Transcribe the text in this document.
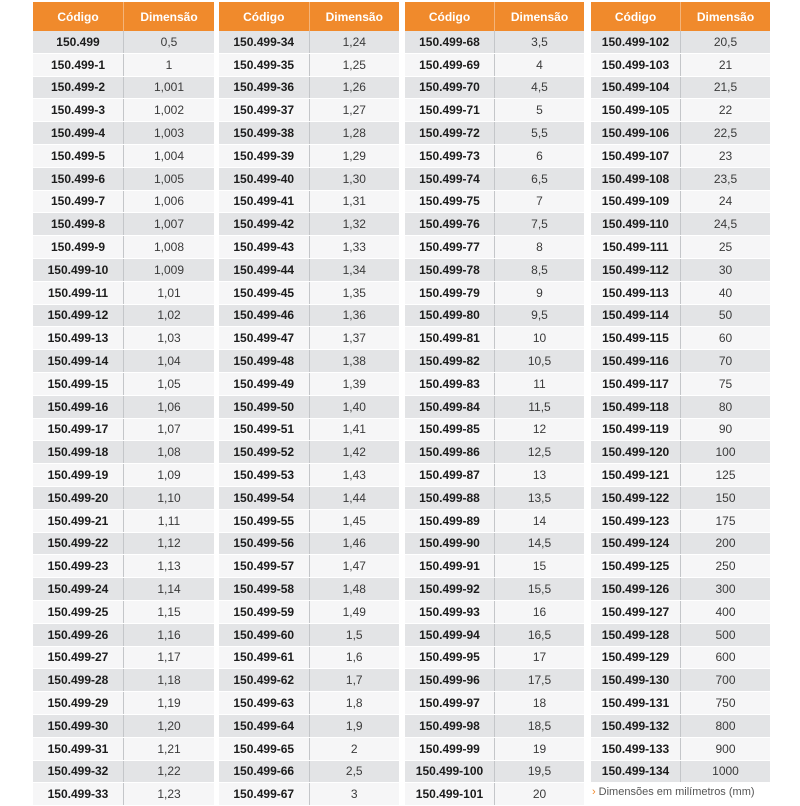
Código	Dimensão
150.499	0,5
150.499-1	1
150.499-2	1,001
150.499-3	1,002
150.499-4	1,003
150.499-5	1,004
150.499-6	1,005
150.499-7	1,006
150.499-8	1,007
150.499-9	1,008
150.499-10	1,009
150.499-11	1,01
150.499-12	1,02
150.499-13	1,03
150.499-14	1,04
150.499-15	1,05
150.499-16	1,06
150.499-17	1,07
150.499-18	1,08
150.499-19	1,09
150.499-20	1,10
150.499-21	1,11
150.499-22	1,12
150.499-23	1,13
150.499-24	1,14
150.499-25	1,15
150.499-26	1,16
150.499-27	1,17
150.499-28	1,18
150.499-29	1,19
150.499-30	1,20
150.499-31	1,21
150.499-32	1,22
150.499-33	1,23
Código	Dimensão
150.499-34	1,24
150.499-35	1,25
150.499-36	1,26
150.499-37	1,27
150.499-38	1,28
150.499-39	1,29
150.499-40	1,30
150.499-41	1,31
150.499-42	1,32
150.499-43	1,33
150.499-44	1,34
150.499-45	1,35
150.499-46	1,36
150.499-47	1,37
150.499-48	1,38
150.499-49	1,39
150.499-50	1,40
150.499-51	1,41
150.499-52	1,42
150.499-53	1,43
150.499-54	1,44
150.499-55	1,45
150.499-56	1,46
150.499-57	1,47
150.499-58	1,48
150.499-59	1,49
150.499-60	1,5
150.499-61	1,6
150.499-62	1,7
150.499-63	1,8
150.499-64	1,9
150.499-65	2
150.499-66	2,5
150.499-67	3
Código	Dimensão
150.499-68	3,5
150.499-69	4
150.499-70	4,5
150.499-71	5
150.499-72	5,5
150.499-73	6
150.499-74	6,5
150.499-75	7
150.499-76	7,5
150.499-77	8
150.499-78	8,5
150.499-79	9
150.499-80	9,5
150.499-81	10
150.499-82	10,5
150.499-83	11
150.499-84	11,5
150.499-85	12
150.499-86	12,5
150.499-87	13
150.499-88	13,5
150.499-89	14
150.499-90	14,5
150.499-91	15
150.499-92	15,5
150.499-93	16
150.499-94	16,5
150.499-95	17
150.499-96	17,5
150.499-97	18
150.499-98	18,5
150.499-99	19
150.499-100	19,5
150.499-101	20
Código	Dimensão
150.499-102	20,5
150.499-103	21
150.499-104	21,5
150.499-105	22
150.499-106	22,5
150.499-107	23
150.499-108	23,5
150.499-109	24
150.499-110	24,5
150.499-111	25
150.499-112	30
150.499-113	40
150.499-114	50
150.499-115	60
150.499-116	70
150.499-117	75
150.499-118	80
150.499-119	90
150.499-120	100
150.499-121	125
150.499-122	150
150.499-123	175
150.499-124	200
150.499-125	250
150.499-126	300
150.499-127	400
150.499-128	500
150.499-129	600
150.499-130	700
150.499-131	750
150.499-132	800
150.499-133	900
150.499-134	1000
› Dimensões em milímetros (mm)
